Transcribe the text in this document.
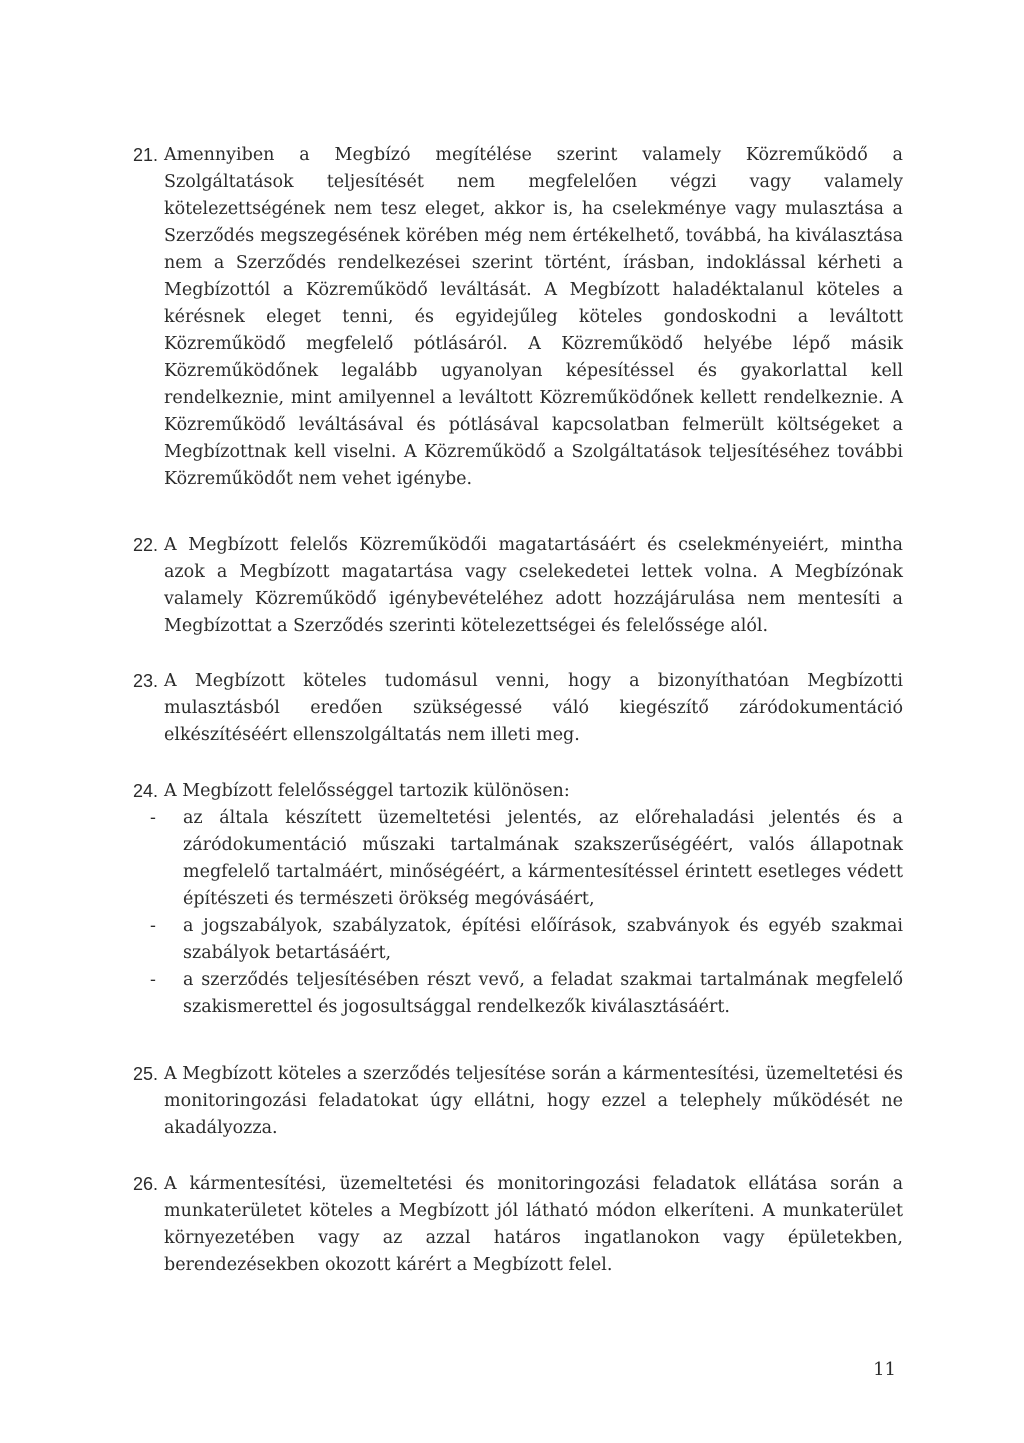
21. Amennyiben a Megbízó megítélése szerint valamely Közreműködő a Szolgáltatások teljesítését nem megfelelően végzi vagy valamely kötelezettségének nem tesz eleget, akkor is, ha cselekménye vagy mulasztása a Szerződés megszegésének körében még nem értékelhető, továbbá, ha kiválasztása nem a Szerződés rendelkezései szerint történt, írásban, indoklással kérheti a Megbízottól a Közreműködő leváltását. A Megbízott haladéktalanul köteles a kérésnek eleget tenni, és egyidejűleg köteles gondoskodni a leváltott Közreműködő megfelelő pótlásáról. A Közreműködő helyébe lépő másik Közreműködőnek legalább ugyanolyan képesítéssel és gyakorlattal kell rendelkeznie, mint amilyennel a leváltott Közreműködőnek kellett rendelkeznie. A Közreműködő leváltásával és pótlásával kapcsolatban felmerült költségeket a Megbízottnak kell viselni. A Közreműködő a Szolgáltatások teljesítéséhez további Közreműködőt nem vehet igénybe.
22. A Megbízott felelős Közreműködői magatartásáért és cselekményeiért, mintha azok a Megbízott magatartása vagy cselekedetei lettek volna. A Megbízónak valamely Közreműködő igénybevételéhez adott hozzájárulása nem mentesíti a Megbízottat a Szerződés szerinti kötelezettségei és felelőssége alól.
23. A Megbízott köteles tudomásul venni, hogy a bizonyíthatóan Megbízotti mulasztásból eredően szükségessé váló kiegészítő záródokumentáció elkészítéséért ellenszolgáltatás nem illeti meg.
24. A Megbízott felelősséggel tartozik különösen:
-	az általa készített üzemeltetési jelentés, az előrehaladási jelentés és a záródokumentáció műszaki tartalmának szakszerűségéért, valós állapotnak megfelelő tartalmáért, minőségéért, a kármentesítéssel érintett esetleges védett építészeti és természeti örökség megóvásáért,
-	a jogszabályok, szabályzatok, építési előírások, szabványok és egyéb szakmai szabályok betartásáért,
-	a szerződés teljesítésében részt vevő, a feladat szakmai tartalmának megfelelő szakismerettel és jogosultsággal rendelkezők kiválasztásáért.
25. A Megbízott köteles a szerződés teljesítése során a kármentesítési, üzemeltetési és monitoringozási feladatokat úgy ellátni, hogy ezzel a telephely működését ne akadályozza.
26. A kármentesítési, üzemeltetési és monitoringozási feladatok ellátása során a munkaterületet köteles a Megbízott jól látható módon elkeríteni. A munkaterület környezetében vagy az azzal határos ingatlanokon vagy épületekben, berendezésekben okozott kárért a Megbízott felel.
11
